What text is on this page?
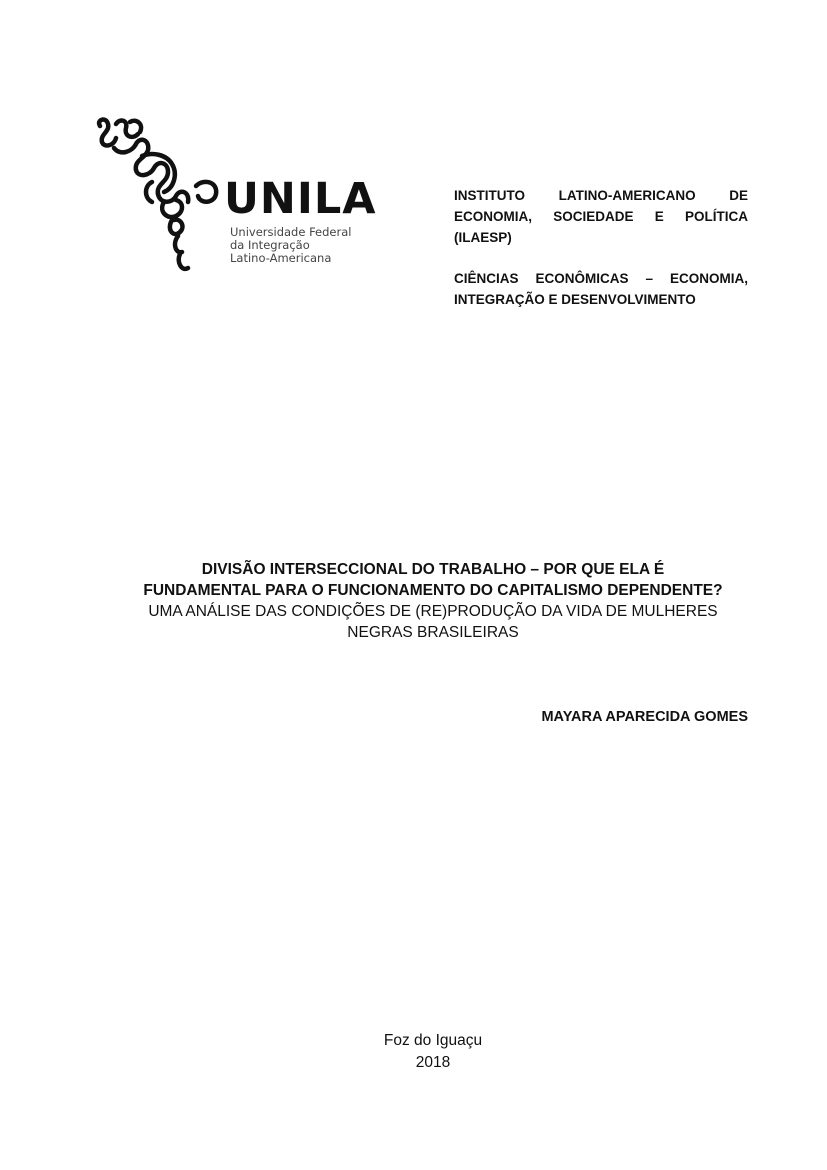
UNILA
Universidade Federal
da Integração
Latino-Americana

INSTITUTO LATINO-AMERICANO DE ECONOMIA, SOCIEDADE E POLÍTICA (ILAESP)

CIÊNCIAS ECONÔMICAS – ECONOMIA, INTEGRAÇÃO E DESENVOLVIMENTO

DIVISÃO INTERSECCIONAL DO TRABALHO – POR QUE ELA É

FUNDAMENTAL PARA O FUNCIONAMENTO DO CAPITALISMO DEPENDENTE?

UMA ANÁLISE DAS CONDIÇÕES DE (RE)PRODUÇÃO DA VIDA DE MULHERES

NEGRAS BRASILEIRAS

MAYARA APARECIDA GOMES
Foz do Iguaçu
2018
